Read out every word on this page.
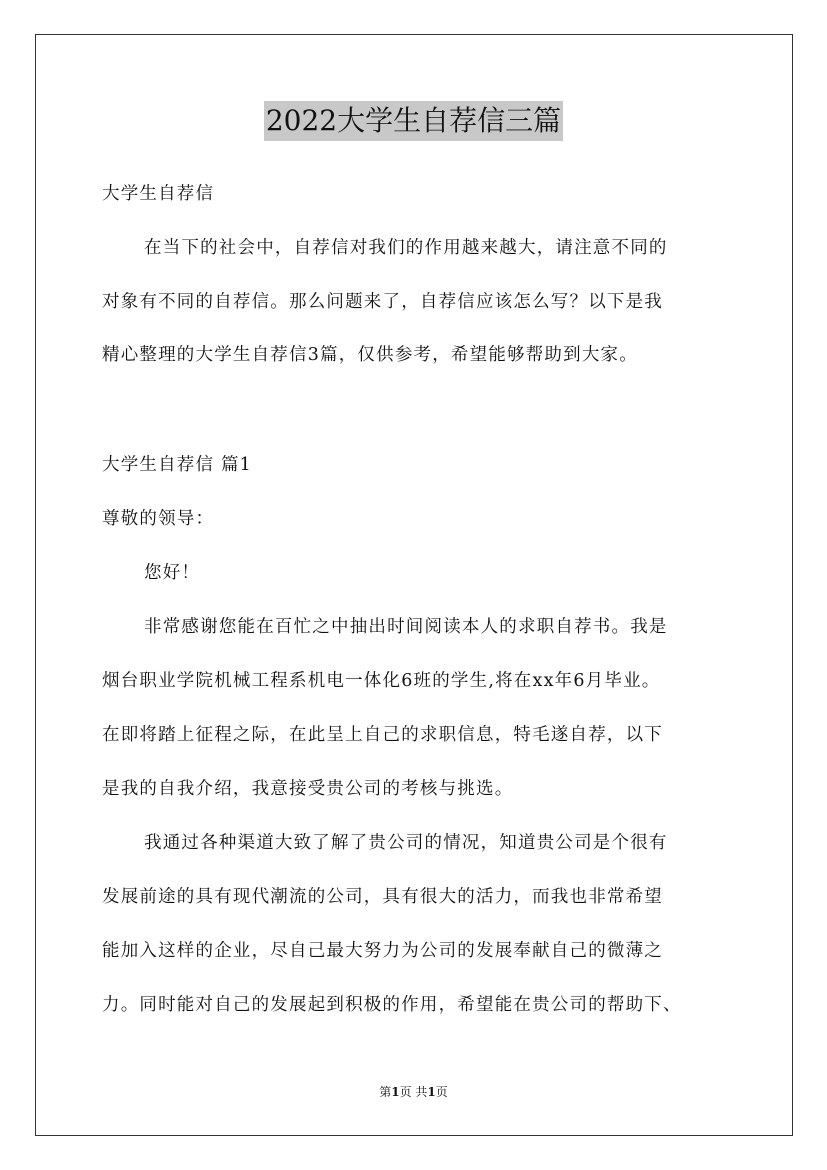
2022大学生自荐信三篇
大学生自荐信
在当下的社会中，自荐信对我们的作用越来越大，请注意不同的
对象有不同的自荐信。那么问题来了，自荐信应该怎么写？以下是我
精心整理的大学生自荐信3篇，仅供参考，希望能够帮助到大家。
大学生自荐信 篇1
尊敬的领导：
您好！
非常感谢您能在百忙之中抽出时间阅读本人的求职自荐书。我是
烟台职业学院机械工程系机电一体化6班的学生,将在xx年6月毕业。
在即将踏上征程之际，在此呈上自己的求职信息，特毛遂自荐，以下
是我的自我介绍，我意接受贵公司的考核与挑选。
我通过各种渠道大致了解了贵公司的情况，知道贵公司是个很有
发展前途的具有现代潮流的公司，具有很大的活力，而我也非常希望
能加入这样的企业，尽自己最大努力为公司的发展奉献自己的微薄之
力。同时能对自己的发展起到积极的作用，希望能在贵公司的帮助下、
第1页 共1页
